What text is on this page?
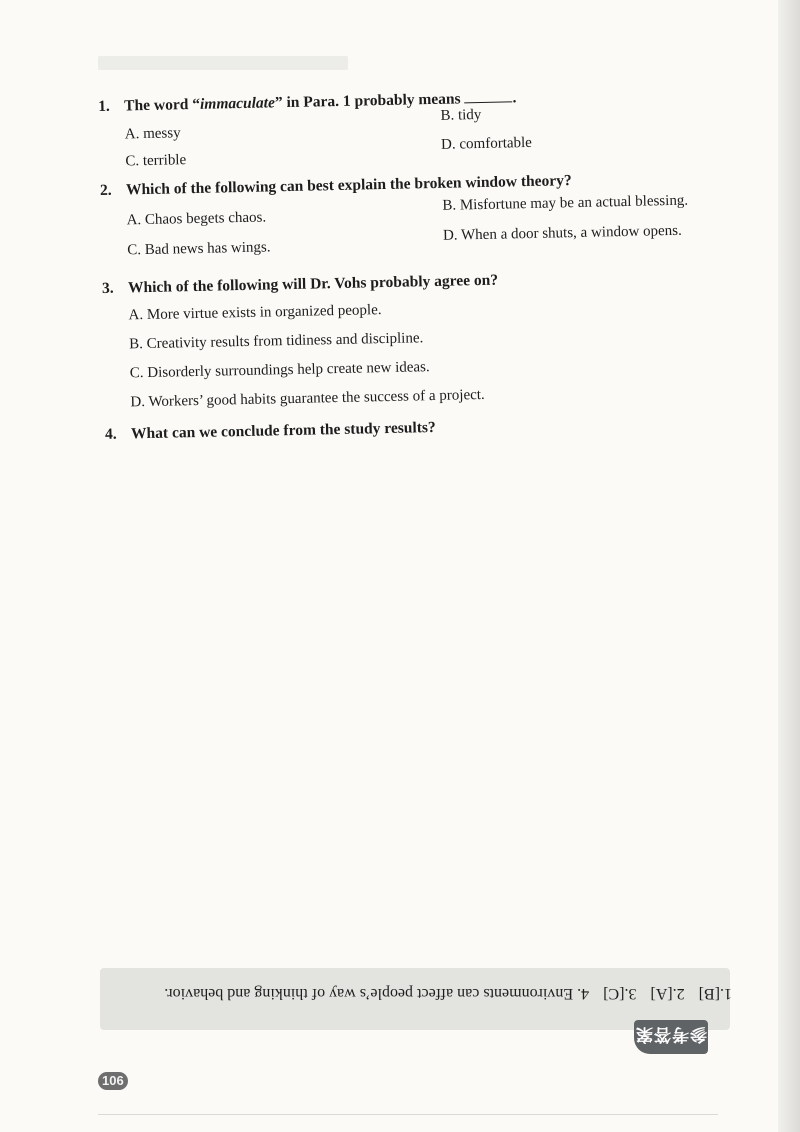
1. The word “immaculate” in Para. 1 probably means	.
A. messy
B. tidy
C. terrible
D. comfortable
2. Which of the following can best explain the broken window theory?
A. Chaos begets chaos.
B. Misfortune may be an actual blessing.
C. Bad news has wings.
D. When a door shuts, a window opens.
3. Which of the following will Dr. Vohs probably agree on?
A. More virtue exists in organized people.
B. Creativity results from tidiness and discipline.
C. Disorderly surroundings help create new ideas.
D. Workers’ good habits guarantee the success of a project.
4. What can we conclude from the study results?
1.[B] 2.[A] 3.[C] 4. Environments can affect people’s way of thinking and behavior.
参考答案
106
